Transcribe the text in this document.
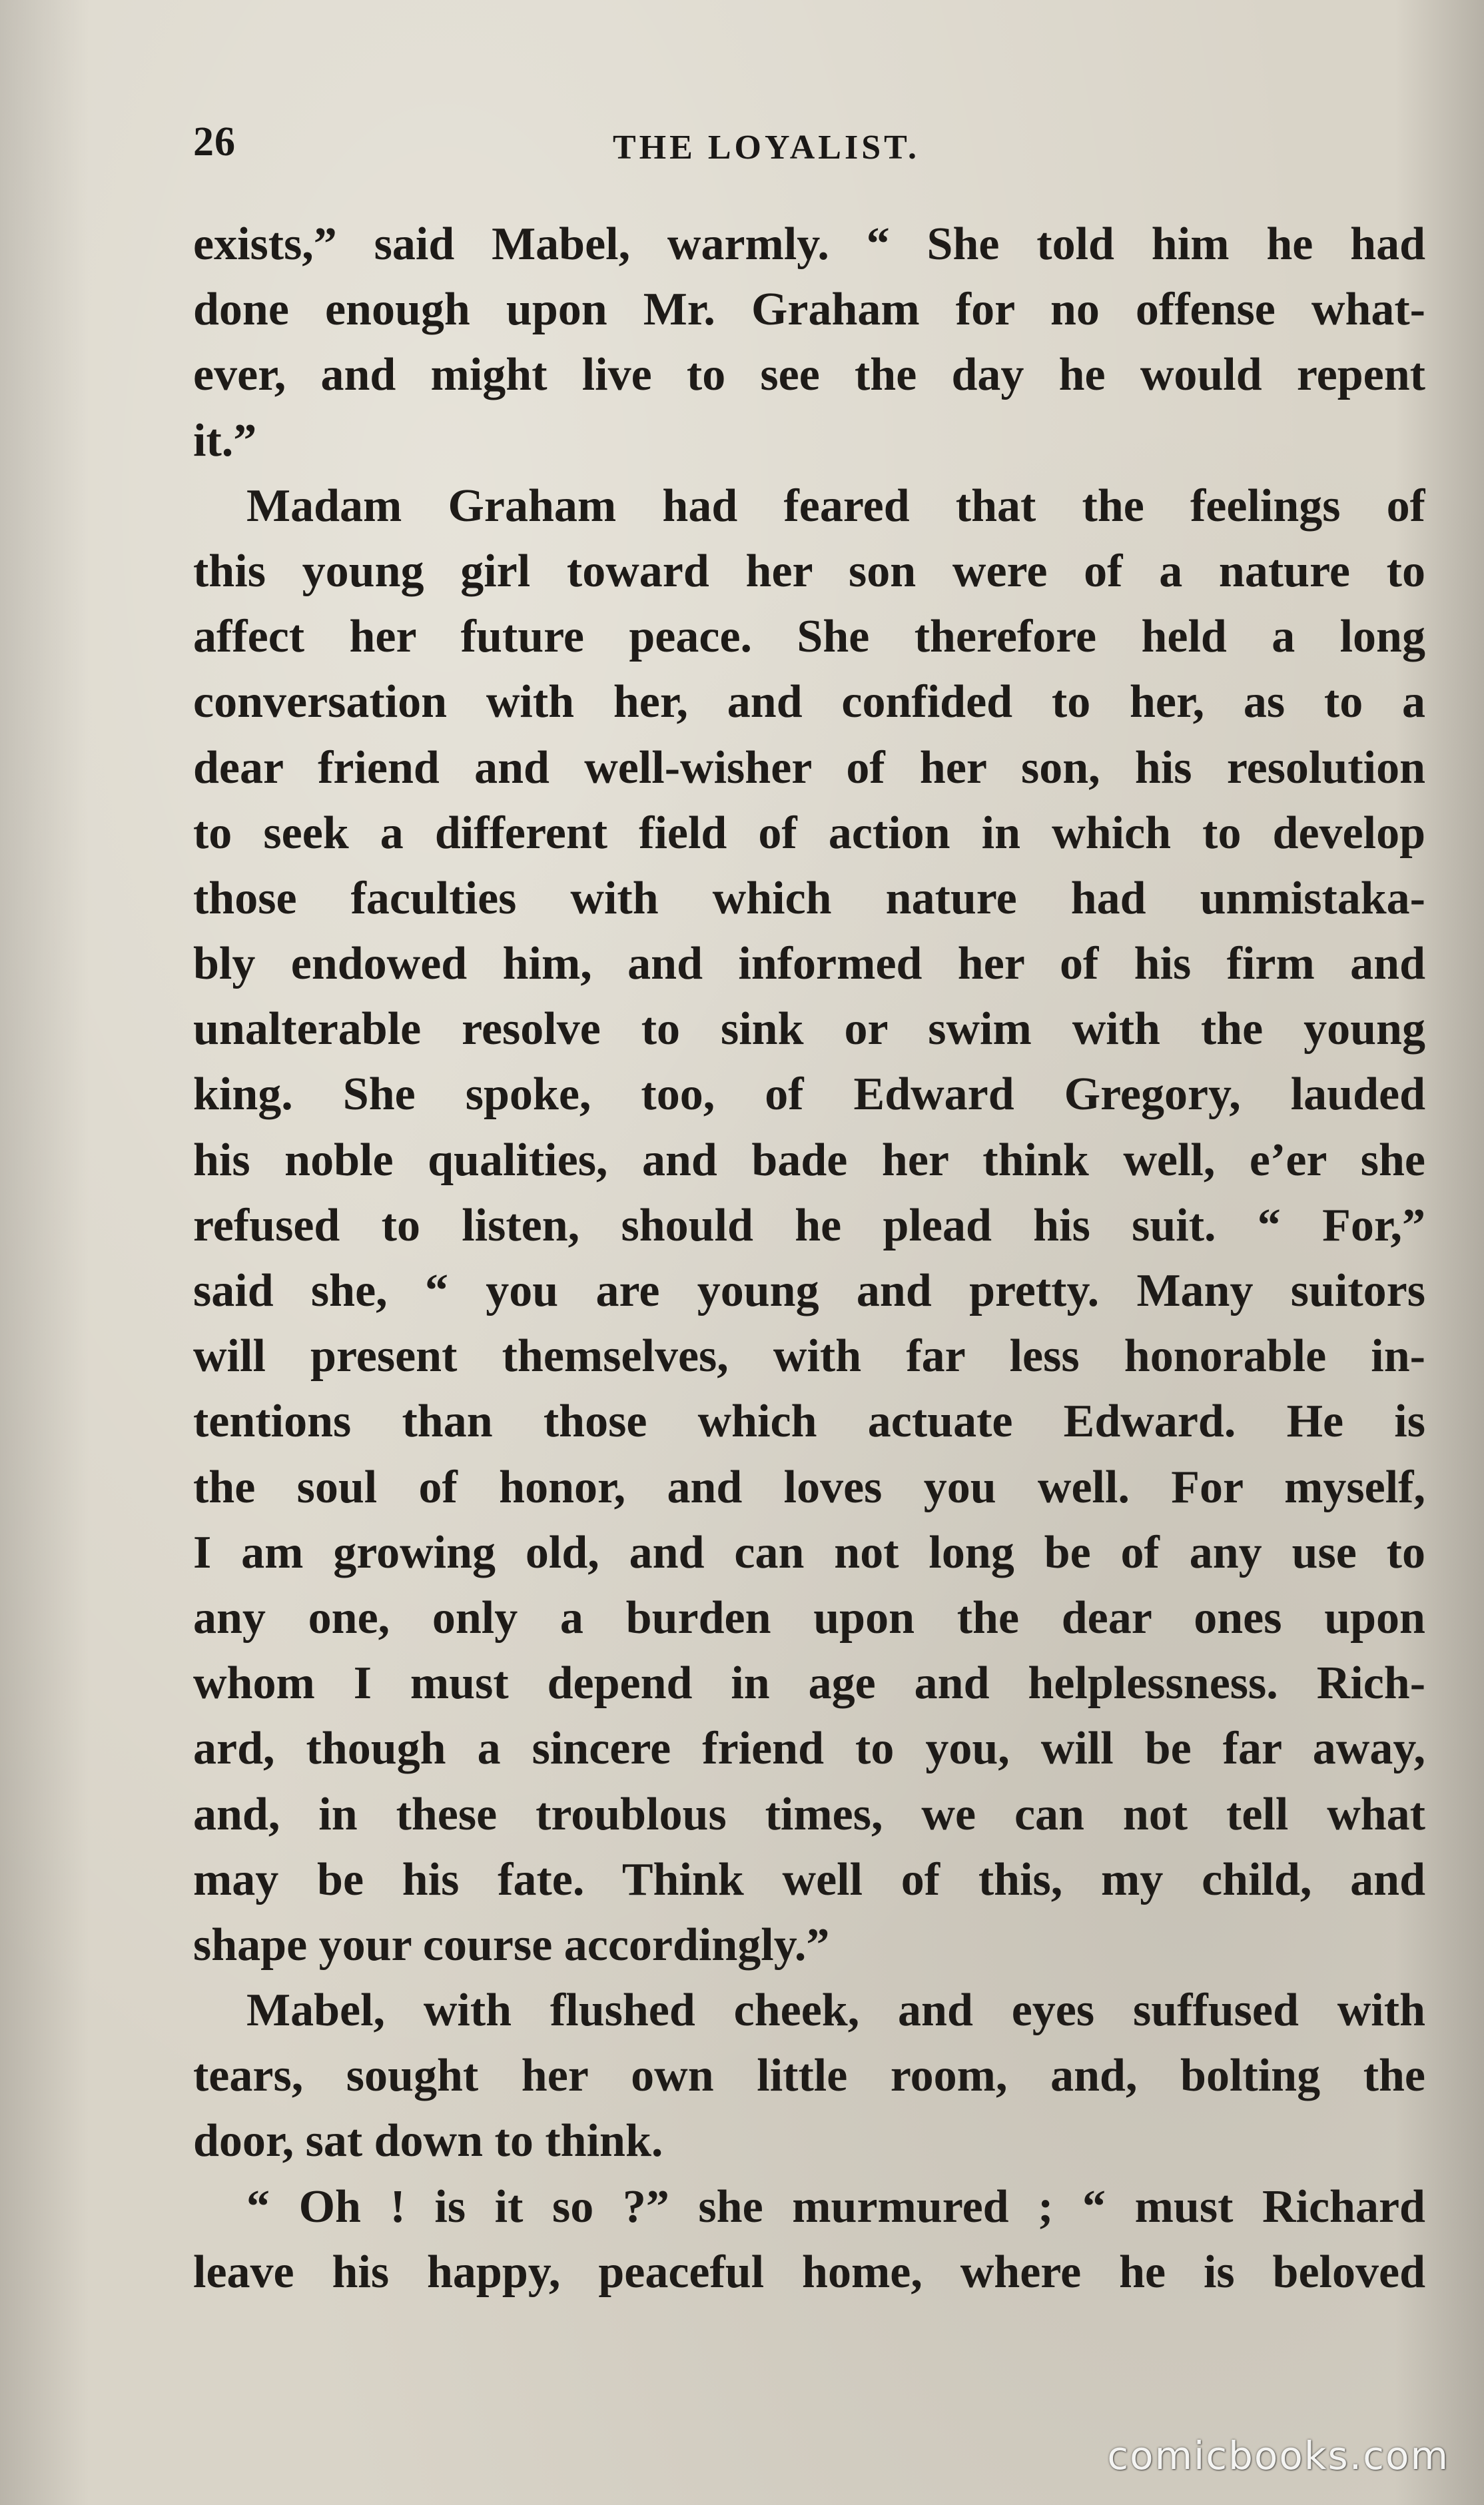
26	THE LOYALIST.
exists,” said Mabel, warmly. “ She told him he had
done enough upon Mr. Graham for no offense what-
ever, and might live to see the day he would repent
it.”
Madam Graham had feared that the feelings of
this young girl toward her son were of a nature to
affect her future peace. She therefore held a long
conversation with her, and confided to her, as to a
dear friend and well-wisher of her son, his resolution
to seek a different field of action in which to develop
those faculties with which nature had unmistaka-
bly endowed him, and informed her of his firm and
unalterable resolve to sink or swim with the young
king. She spoke, too, of Edward Gregory, lauded
his noble qualities, and bade her think well, e’er she
refused to listen, should he plead his suit. “ For,”
said she, “ you are young and pretty. Many suitors
will present themselves, with far less honorable in-
tentions than those which actuate Edward. He is
the soul of honor, and loves you well. For myself,
I am growing old, and can not long be of any use to
any one, only a burden upon the dear ones upon
whom I must depend in age and helplessness. Rich-
ard, though a sincere friend to you, will be far away,
and, in these troublous times, we can not tell what
may be his fate. Think well of this, my child, and
shape your course accordingly.”
Mabel, with flushed cheek, and eyes suffused with
tears, sought her own little room, and, bolting the
door, sat down to think.
“ Oh ! is it so ?” she murmured ; “ must Richard
leave his happy, peaceful home, where he is beloved
comicbooks.com
